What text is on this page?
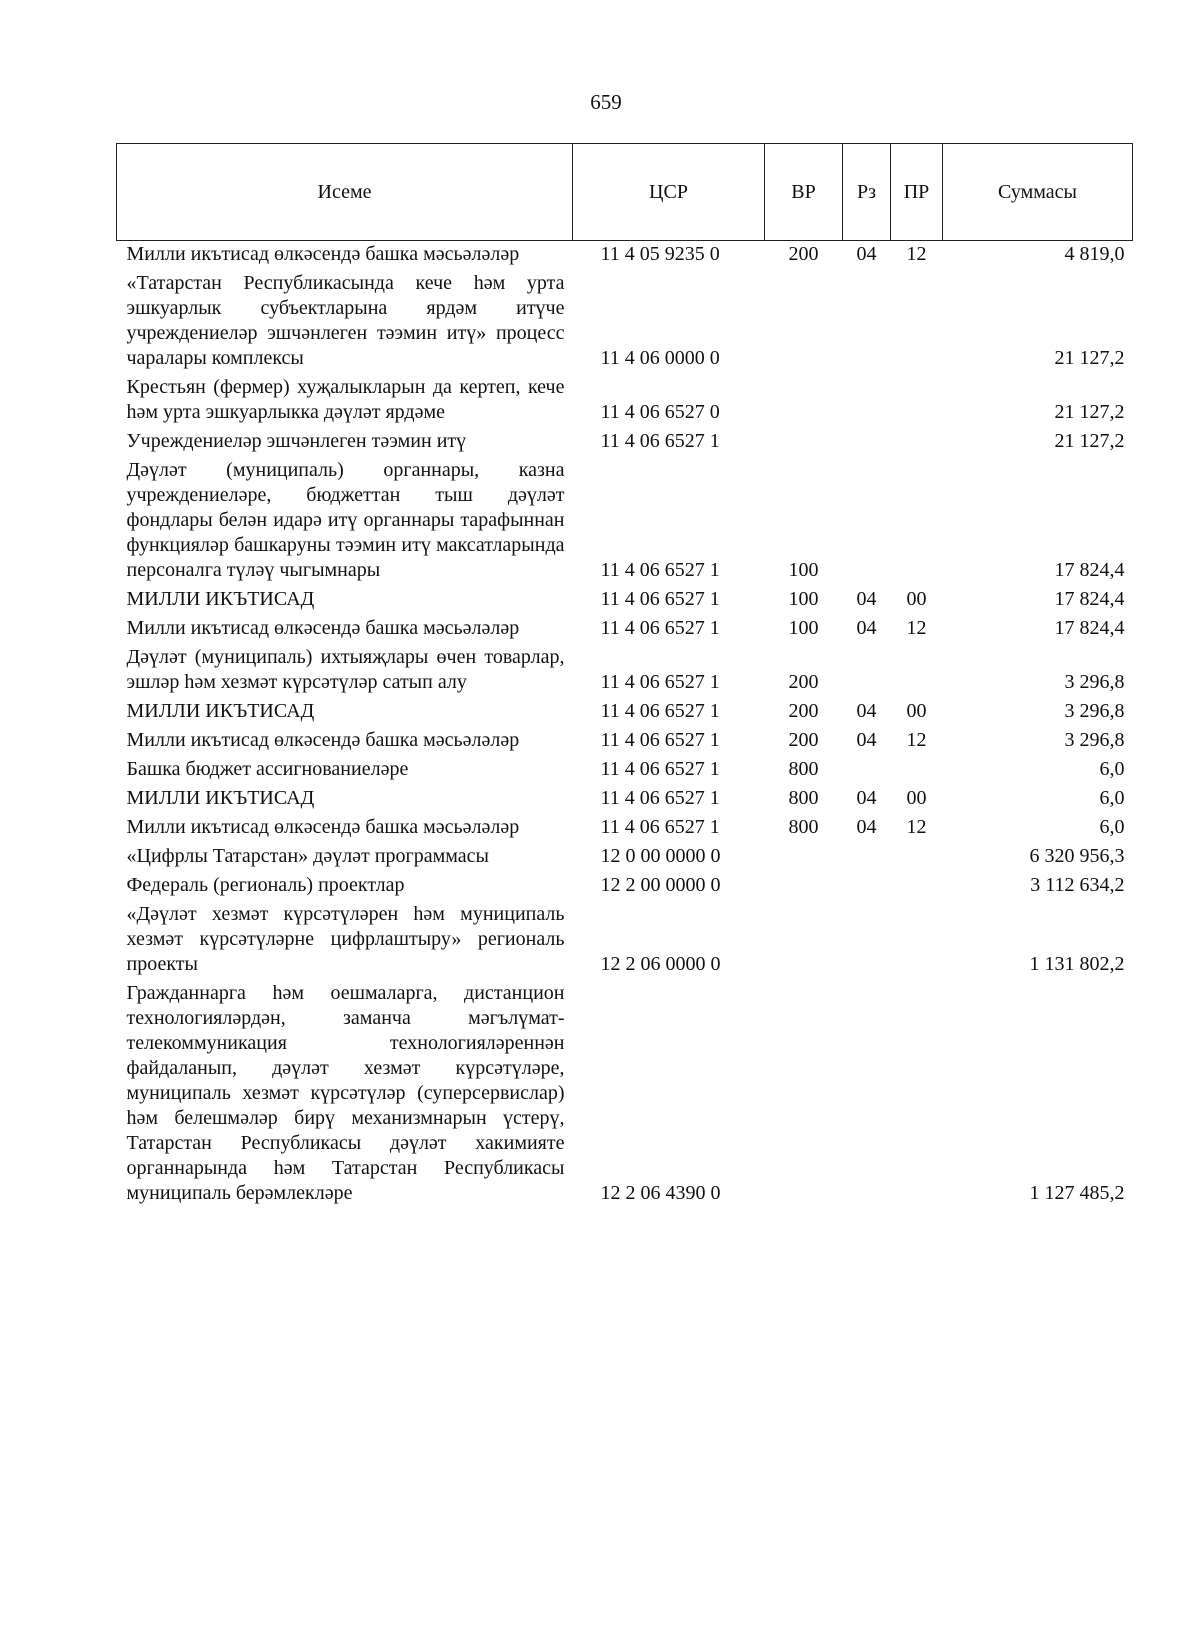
659
Исеме	ЦСР	ВР	Рз	ПР	Суммасы
Милли икътисад өлкәсендә башка мәсьәләләр	11 4 05 9235 0	200	04	12	4 819,0
«Татарстан Республикасында кече һәм урта эшкуарлык субъектларына ярдәм итүче учреждениеләр эшчәнлеген тәэмин итү» процесс чаралары комплексы	11 4 06 0000 0				21 127,2
Крестьян (фермер) хуҗалыкларын да кертеп, кече һәм урта эшкуарлыкка дәүләт ярдәме	11 4 06 6527 0				21 127,2
Учреждениеләр эшчәнлеген тәэмин итү	11 4 06 6527 1				21 127,2
Дәүләт (муниципаль) органнары, казна учреждениеләре, бюджеттан тыш дәүләт фондлары белән идарә итү органнары тарафыннан функцияләр башкаруны тәэмин итү максатларында персоналга түләү чыгымнары	11 4 06 6527 1	100			17 824,4
МИЛЛИ ИКЪТИСАД	11 4 06 6527 1	100	04	00	17 824,4
Милли икътисад өлкәсендә башка мәсьәләләр	11 4 06 6527 1	100	04	12	17 824,4
Дәүләт (муниципаль) ихтыяҗлары өчен товарлар, эшләр һәм хезмәт күрсәтүләр сатып алу	11 4 06 6527 1	200			3 296,8
МИЛЛИ ИКЪТИСАД	11 4 06 6527 1	200	04	00	3 296,8
Милли икътисад өлкәсендә башка мәсьәләләр	11 4 06 6527 1	200	04	12	3 296,8
Башка бюджет ассигнованиеләре	11 4 06 6527 1	800			6,0
МИЛЛИ ИКЪТИСАД	11 4 06 6527 1	800	04	00	6,0
Милли икътисад өлкәсендә башка мәсьәләләр	11 4 06 6527 1	800	04	12	6,0
«Цифрлы Татарстан» дәүләт программасы	12 0 00 0000 0				6 320 956,3
Федераль (региональ) проектлар	12 2 00 0000 0				3 112 634,2
«Дәүләт хезмәт күрсәтүләрен һәм муниципаль хезмәт күрсәтүләрне цифрлаштыру» региональ проекты	12 2 06 0000 0				1 131 802,2
Гражданнарга һәм оешмаларга, дистанцион технологияләрдән, заманча мәгълүмат-телекоммуникация технологияләреннән файдаланып, дәүләт хезмәт күрсәтүләре, муниципаль хезмәт күрсәтүләр (суперсервислар) һәм белешмәләр бирү механизмнарын үстерү, Татарстан Республикасы дәүләт хакимияте органнарында һәм Татарстан Республикасы муниципаль берәмлекләре	12 2 06 4390 0				1 127 485,2
